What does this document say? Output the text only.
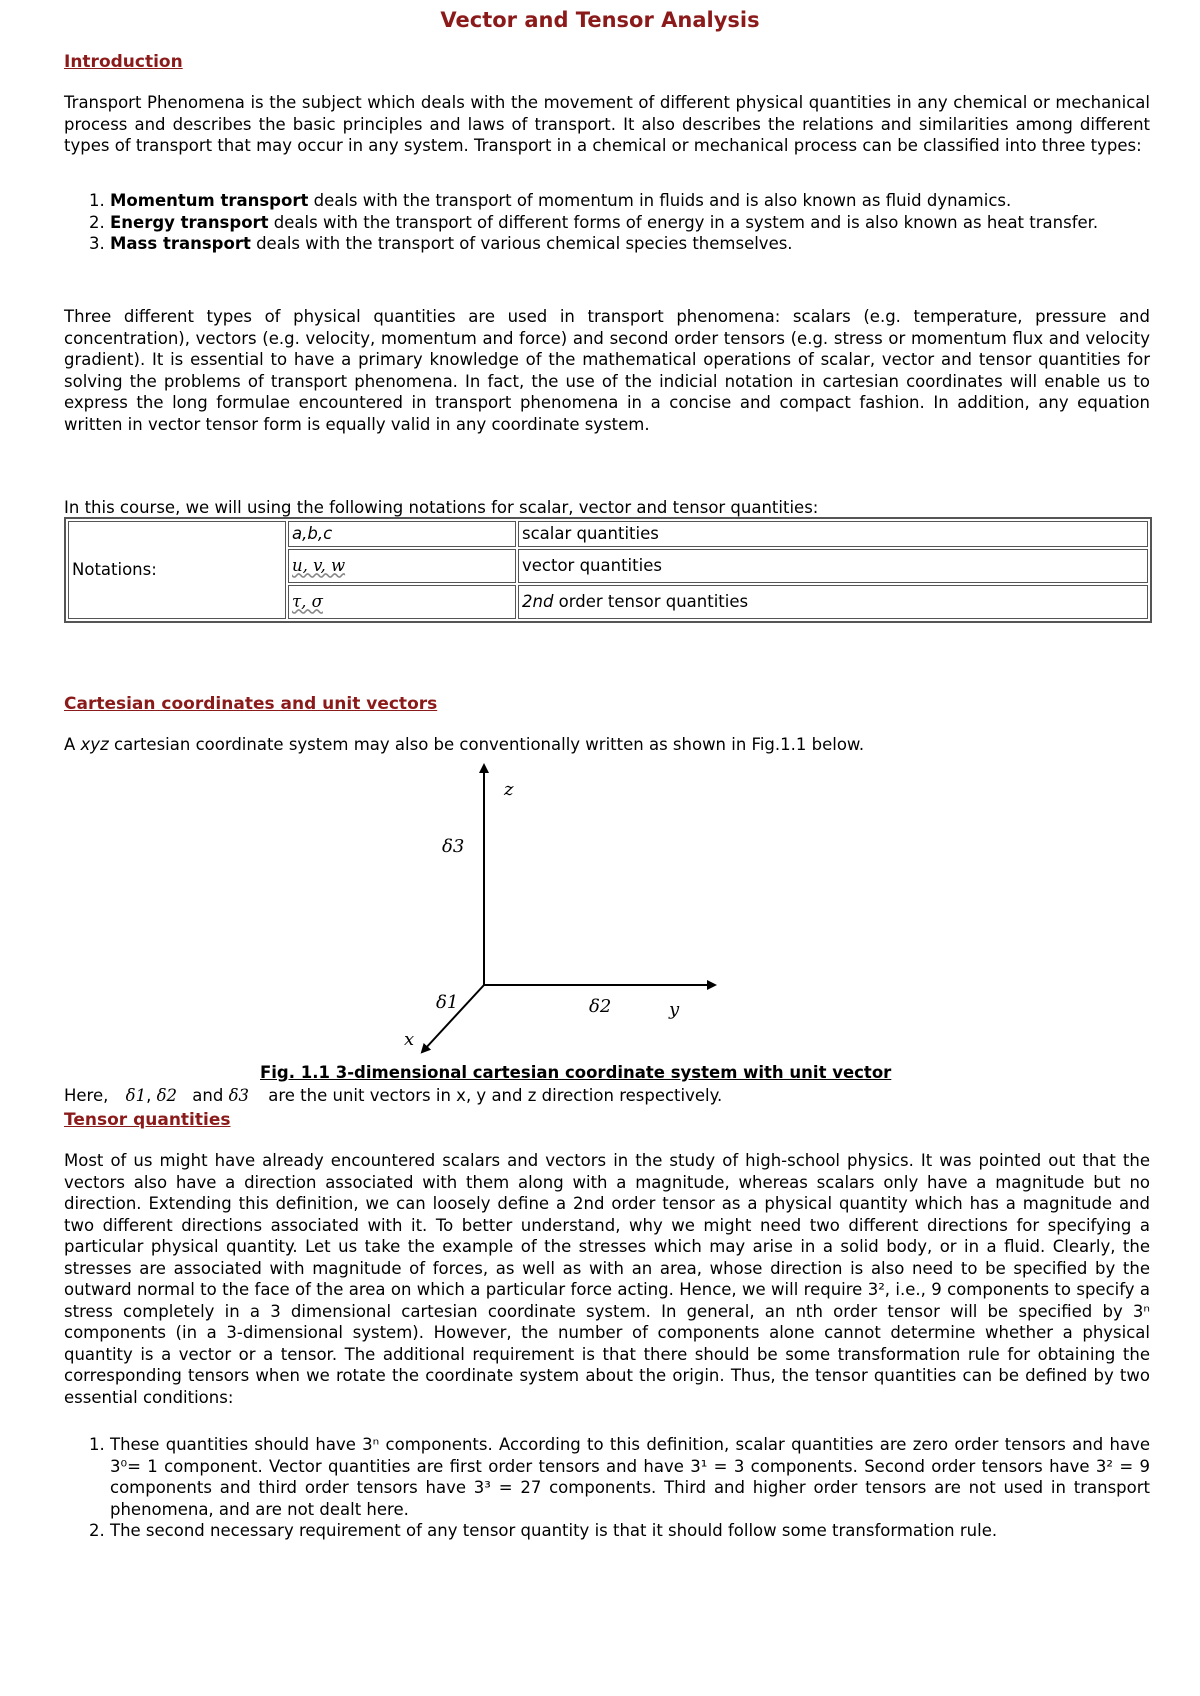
Vector and Tensor Analysis
Introduction
Transport Phenomena is the subject which deals with the movement of different physical quantities in any chemical or mechanical process and describes the basic principles and laws of transport. It also describes the relations and similarities among different types of transport that may occur in any system. Transport in a chemical or mechanical process can be classified into three types:
1. Momentum transport deals with the transport of momentum in fluids and is also known as fluid dynamics.
2. Energy transport deals with the transport of different forms of energy in a system and is also known as heat transfer.
3. Mass transport deals with the transport of various chemical species themselves.
Three different types of physical quantities are used in transport phenomena: scalars (e.g. temperature, pressure and concentration), vectors (e.g. velocity, momentum and force) and second order tensors (e.g. stress or momentum flux and velocity gradient). It is essential to have a primary knowledge of the mathematical operations of scalar, vector and tensor quantities for solving the problems of transport phenomena. In fact, the use of the indicial notation in cartesian coordinates will enable us to express the long formulae encountered in transport phenomena in a concise and compact fashion. In addition, any equation written in vector tensor form is equally valid in any coordinate system.
In this course, we will using the following notations for scalar, vector and tensor quantities:
Notations:	a,b,c	scalar quantities
	u, v, w	vector quantities
	τ, σ	2nd order tensor quantities
Cartesian coordinates and unit vectors
A xyz cartesian coordinate system may also be conventionally written as shown in Fig.1.1 below.
z
y
x
δ3
δ1	δ2
Fig. 1.1 3-dimensional cartesian coordinate system with unit vector
Here, δ1, δ2 and δ3 are the unit vectors in x, y and z direction respectively.
Tensor quantities
Most of us might have already encountered scalars and vectors in the study of high-school physics. It was pointed out that the vectors also have a direction associated with them along with a magnitude, whereas scalars only have a magnitude but no direction. Extending this definition, we can loosely define a 2nd order tensor as a physical quantity which has a magnitude and two different directions associated with it. To better understand, why we might need two different directions for specifying a particular physical quantity. Let us take the example of the stresses which may arise in a solid body, or in a fluid. Clearly, the stresses are associated with magnitude of forces, as well as with an area, whose direction is also need to be specified by the outward normal to the face of the area on which a particular force acting. Hence, we will require 3², i.e., 9 components to specify a stress completely in a 3 dimensional cartesian coordinate system. In general, an nth order tensor will be specified by 3ⁿ components (in a 3-dimensional system). However, the number of components alone cannot determine whether a physical quantity is a vector or a tensor. The additional requirement is that there should be some transformation rule for obtaining the corresponding tensors when we rotate the coordinate system about the origin. Thus, the tensor quantities can be defined by two essential conditions:
1. These quantities should have 3ⁿ components. According to this definition, scalar quantities are zero order tensors and have 3⁰= 1 component. Vector quantities are first order tensors and have 3¹ = 3 components. Second order tensors have 3² = 9 components and third order tensors have 3³ = 27 components. Third and higher order tensors are not used in transport phenomena, and are not dealt here.
2. The second necessary requirement of any tensor quantity is that it should follow some transformation rule.
